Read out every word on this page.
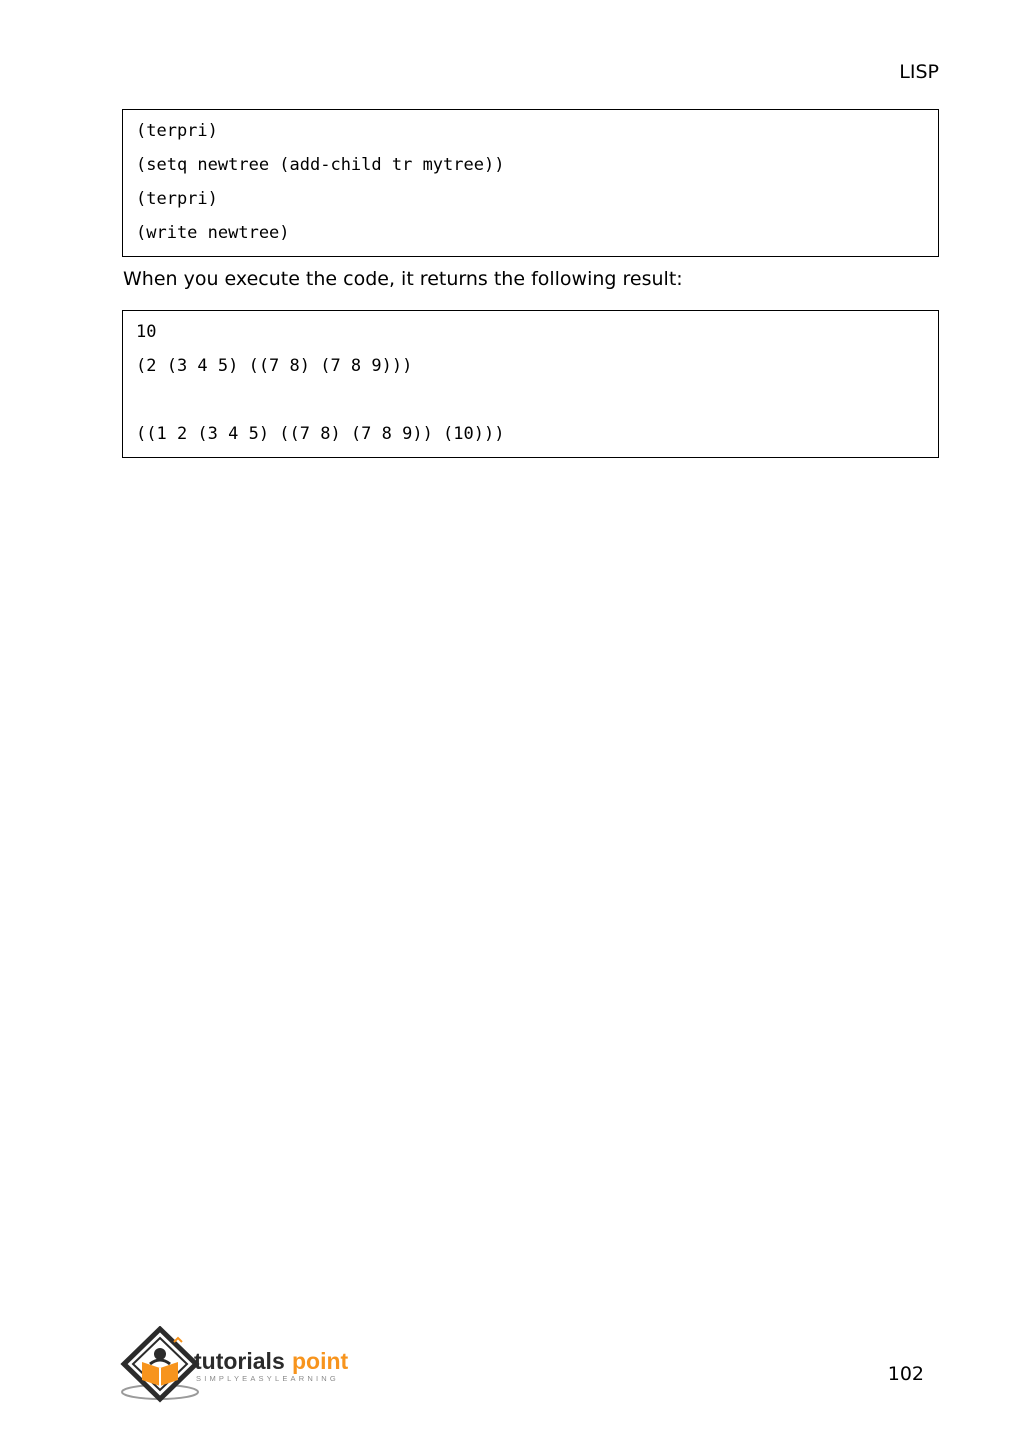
LISP
(terpri)
(setq newtree (add-child tr mytree))
(terpri)
(write newtree)
When you execute the code, it returns the following result:
10
(2 (3 4 5) ((7 8) (7 8 9)))
((1 2 (3 4 5) ((7 8) (7 8 9)) (10)))
tutorials point
SIMPLYEASYLEARNING	102
